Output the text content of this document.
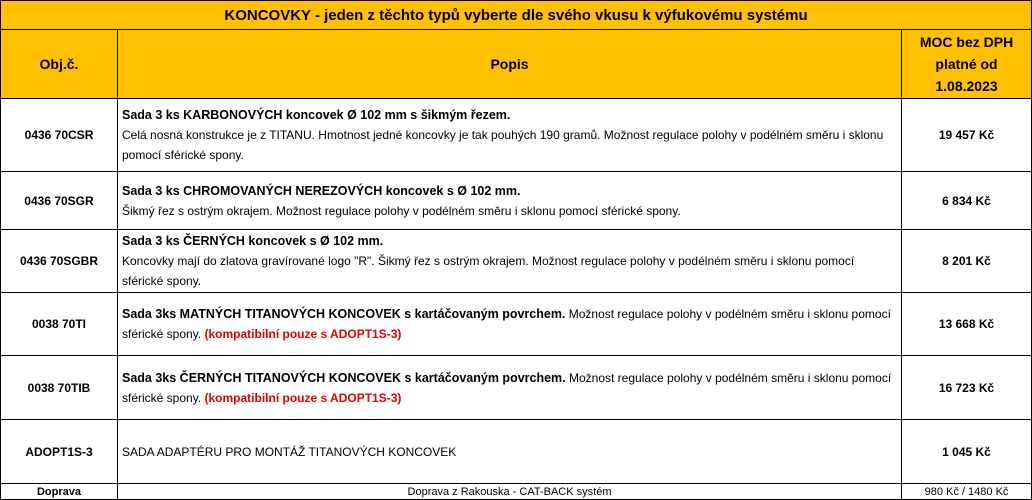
KONCOVKY - jeden z těchto typů vyberte dle svého vkusu k výfukovému systému		
Obj.č.	Popis	MOC bez DPH
platné od
1.08.2023

0436 70CSR	Sada 3 ks KARBONOVÝCH koncovek Ø 102 mm s šikmým řezem.
Celá nosná konstrukce je z TITANU. Hmotnost jedné koncovky je tak pouhých 190 gramů. Možnost regulace polohy v podélném směru i sklonu pomocí sférické spony.	19 457 Kč
0436 70SGR	Sada 3 ks CHROMOVANÝCH NEREZOVÝCH koncovek s Ø 102 mm.
Šikmý řez s ostrým okrajem. Možnost regulace polohy v podélném směru i sklonu pomocí sférické spony.	6 834 Kč
0436 70SGBR	Sada 3 ks ČERNÝCH koncovek s Ø 102 mm.
Koncovky mají do zlatova gravírované logo "R". Šikmý řez s ostrým okrajem. Možnost regulace polohy v podélném směru i sklonu pomocí sférické spony.	8 201 Kč
0038 70TI	Sada 3ks MATNÝCH TITANOVÝCH KONCOVEK s kartáčovaným povrchem. Možnost regulace polohy v podélném směru i sklonu pomocí sférické spony. (kompatibilní pouze s ADOPT1S-3)	13 668 Kč
0038 70TIB	Sada 3ks ČERNÝCH TITANOVÝCH KONCOVEK s kartáčovaným povrchem. Možnost regulace polohy v podélném směru i sklonu pomocí sférické spony. (kompatibilní pouze s ADOPT1S-3)	16 723 Kč
ADOPT1S-3	SADA ADAPTÉRU PRO MONTÁŽ TITANOVÝCH KONCOVEK	1 045 Kč
Doprava	Doprava z Rakouska - CAT-BACK systém	980 Kč / 1480 Kč
